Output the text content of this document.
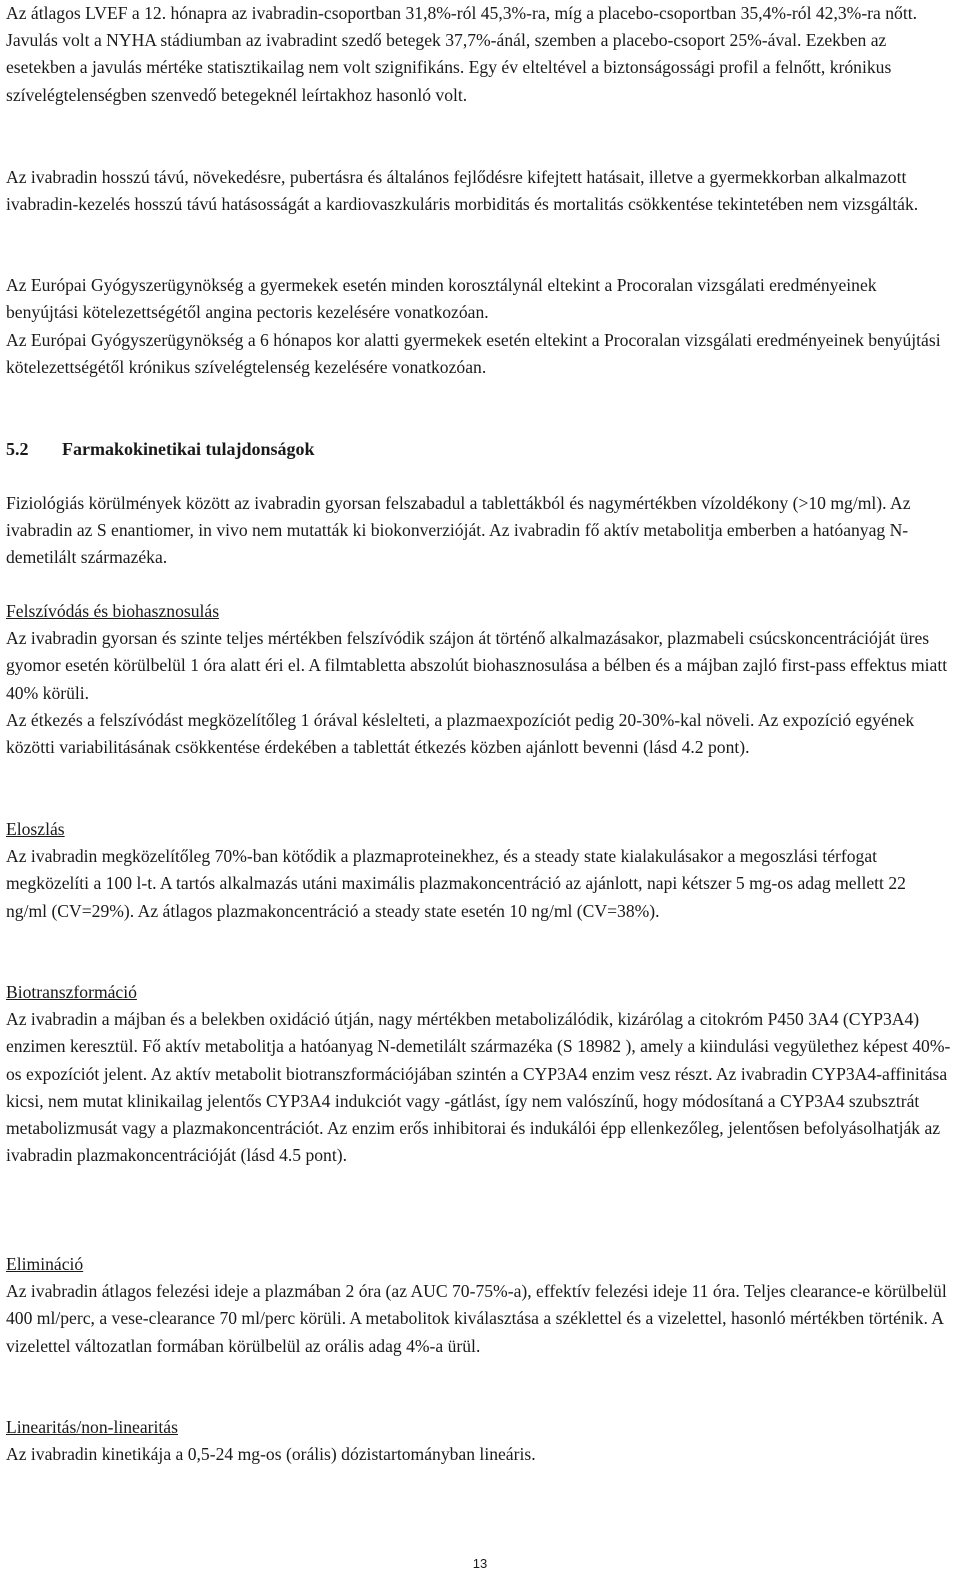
Az átlagos LVEF a 12. hónapra az ivabradin-csoportban 31,8%-ról 45,3%-ra, míg a placebo-csoportban 35,4%-ról 42,3%-ra nőtt. Javulás volt a NYHA stádiumban az ivabradint szedő betegek 37,7%-ánál, szemben a placebo-csoport 25%-ával. Ezekben az esetekben a javulás mértéke statisztikailag nem volt szignifikáns. Egy év elteltével a biztonságossági profil a felnőtt, krónikus szívelégtelenségben szenvedő betegeknél leírtakhoz hasonló volt.

Az ivabradin hosszú távú, növekedésre, pubertásra és általános fejlődésre kifejtett hatásait, illetve a gyermekkorban alkalmazott ivabradin-kezelés hosszú távú hatásosságát a kardiovaszkuláris morbiditás és mortalitás csökkentése tekintetében nem vizsgálták.

Az Európai Gyógyszerügynökség a gyermekek esetén minden korosztálynál eltekint a Procoralan vizsgálati eredményeinek benyújtási kötelezettségétől angina pectoris kezelésére vonatkozóan.

Az Európai Gyógyszerügynökség a 6 hónapos kor alatti gyermekek esetén eltekint a Procoralan vizsgálati eredményeinek benyújtási kötelezettségétől krónikus szívelégtelenség kezelésére vonatkozóan.

5.2 Farmakokinetikai tulajdonságok

Fiziológiás körülmények között az ivabradin gyorsan felszabadul a tablettákból és nagymértékben vízoldékony (>10 mg/ml). Az ivabradin az S enantiomer, in vivo nem mutatták ki biokonverzióját. Az ivabradin fő aktív metabolitja emberben a hatóanyag N-demetilált származéka.

Felszívódás és biohasznosulás

Az ivabradin gyorsan és szinte teljes mértékben felszívódik szájon át történő alkalmazásakor, plazmabeli csúcskoncentrációját üres gyomor esetén körülbelül 1 óra alatt éri el. A filmtabletta abszolút biohasznosulása a bélben és a májban zajló first-pass effektus miatt 40% körüli.

Az étkezés a felszívódást megközelítőleg 1 órával késlelteti, a plazmaexpozíciót pedig 20-30%-kal növeli. Az expozíció egyének közötti variabilitásának csökkentése érdekében a tablettát étkezés közben ajánlott bevenni (lásd 4.2 pont).

Eloszlás

Az ivabradin megközelítőleg 70%-ban kötődik a plazmaproteinekhez, és a steady state kialakulásakor a megoszlási térfogat megközelíti a 100 l-t. A tartós alkalmazás utáni maximális plazmakoncentráció az ajánlott, napi kétszer 5 mg-os adag mellett 22 ng/ml (CV=29%). Az átlagos plazmakoncentráció a steady state esetén 10 ng/ml (CV=38%).

Biotranszformáció

Az ivabradin a májban és a belekben oxidáció útján, nagy mértékben metabolizálódik, kizárólag a citokróm P450 3A4 (CYP3A4) enzimen keresztül. Fő aktív metabolitja a hatóanyag N-demetilált származéka (S 18982 ), amely a kiindulási vegyülethez képest 40%-os expozíciót jelent. Az aktív metabolit biotranszformációjában szintén a CYP3A4 enzim vesz részt. Az ivabradin CYP3A4-affinitása kicsi, nem mutat klinikailag jelentős CYP3A4 indukciót vagy -gátlást, így nem valószínű, hogy módosítaná a CYP3A4 szubsztrát metabolizmusát vagy a plazmakoncentrációt. Az enzim erős inhibitorai és indukálói épp ellenkezőleg, jelentősen befolyásolhatják az ivabradin plazmakoncentrációját (lásd 4.5 pont).

Elimináció

Az ivabradin átlagos felezési ideje a plazmában 2 óra (az AUC 70-75%-a), effektív felezési ideje 11 óra. Teljes clearance-e körülbelül 400 ml/perc, a vese-clearance 70 ml/perc körüli. A metabolitok kiválasztása a széklettel és a vizelettel, hasonló mértékben történik. A vizelettel változatlan formában körülbelül az orális adag 4%-a ürül.

Linearitás/non-linearitás

Az ivabradin kinetikája a 0,5-24 mg-os (orális) dózistartományban lineáris.

13
